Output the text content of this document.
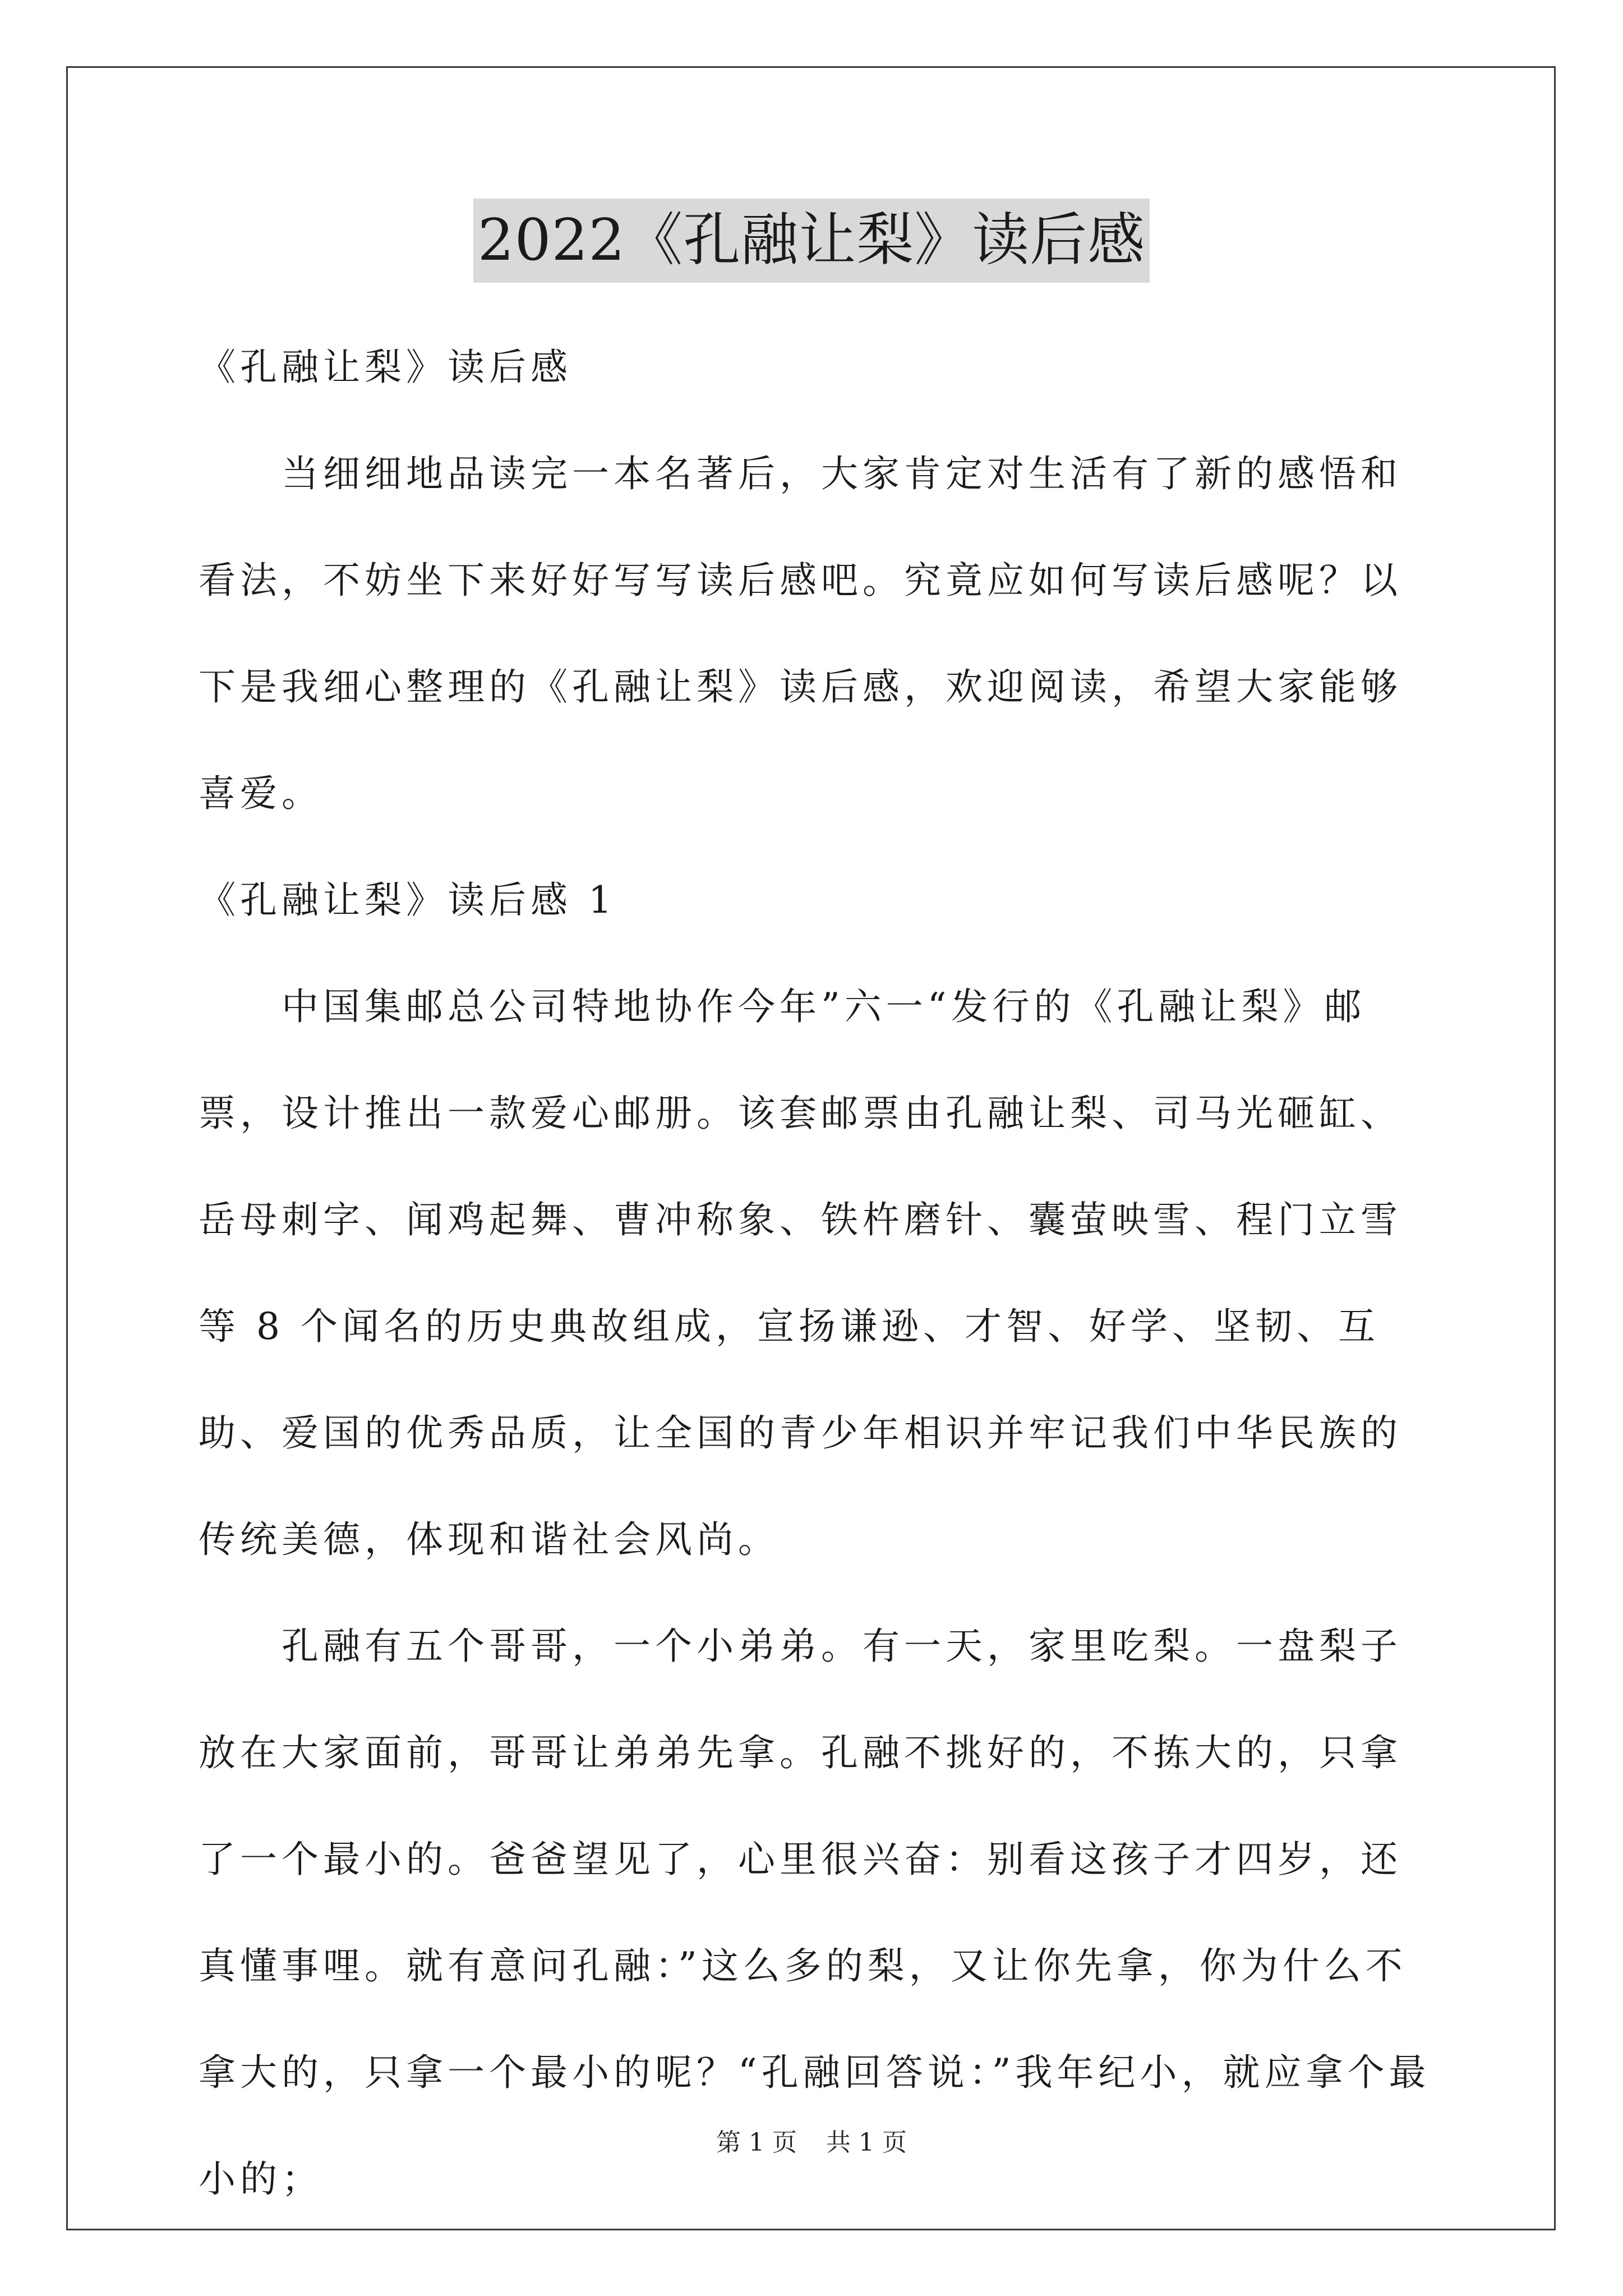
2022《孔融让梨》读后感

《孔融让梨》读后感

当细细地品读完一本名著后，大家肯定对生活有了新的感悟和看法，不妨坐下来好好写写读后感吧。究竟应如何写读后感呢？以下是我细心整理的《孔融让梨》读后感，欢迎阅读，希望大家能够喜爱。

《孔融让梨》读后感 1

中国集邮总公司特地协作今年”六一“发行的《孔融让梨》邮票，设计推出一款爱心邮册。该套邮票由孔融让梨、司马光砸缸、岳母刺字、闻鸡起舞、曹冲称象、铁杵磨针、囊萤映雪、程门立雪等 8 个闻名的历史典故组成，宣扬谦逊、才智、好学、坚韧、互助、爱国的优秀品质，让全国的青少年相识并牢记我们中华民族的传统美德，体现和谐社会风尚。

孔融有五个哥哥，一个小弟弟。有一天，家里吃梨。一盘梨子放在大家面前，哥哥让弟弟先拿。孔融不挑好的，不拣大的，只拿了一个最小的。爸爸望见了，心里很兴奋：别看这孩子才四岁，还真懂事哩。就有意问孔融：”这么多的梨，又让你先拿，你为什么不拿大的，只拿一个最小的呢？“孔融回答说：”我年纪小，就应拿个最小的；

第 1 页 共 1 页
